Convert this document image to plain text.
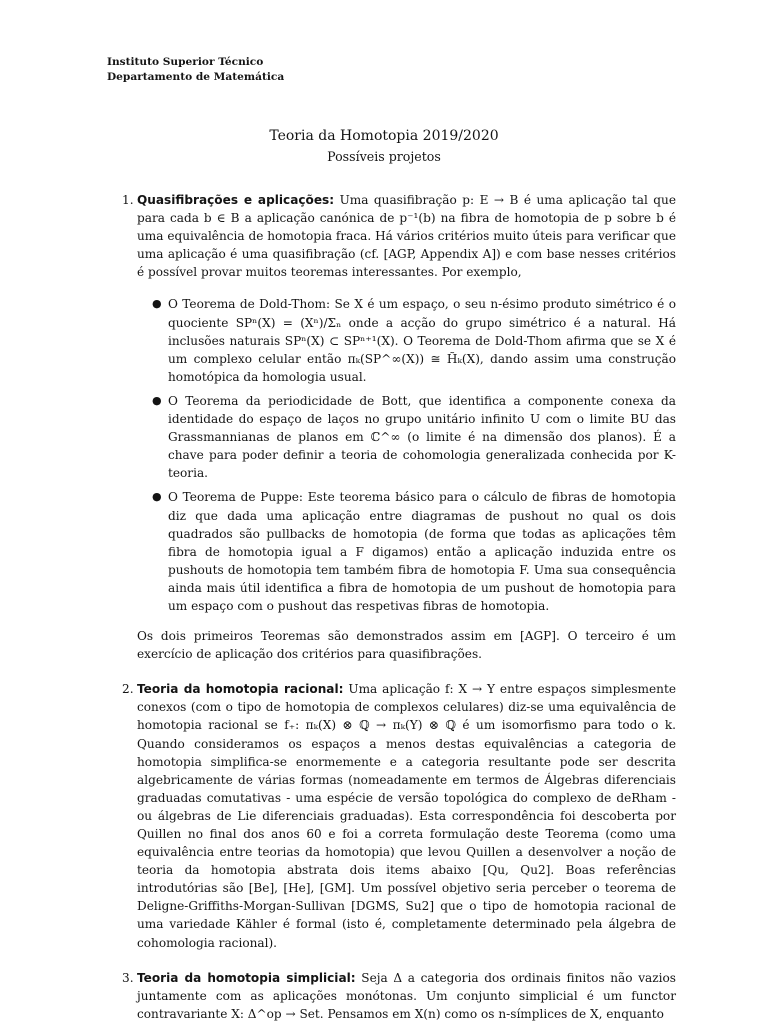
Instituto Superior Técnico
Departamento de Matemática
Teoria da Homotopia 2019/2020
Possíveis projetos
1. Quasifibrações e aplicações: Uma quasifibração p: E → B é uma aplicação tal que para cada b ∈ B a aplicação canónica de p⁻¹(b) na fibra de homotopia de p sobre b é uma equivalência de homotopia fraca. Há vários critérios muito úteis para verificar que uma aplicação é uma quasifibração (cf. [AGP, Appendix A]) e com base nesses critérios é possível provar muitos teoremas interessantes. Por exemplo,

● O Teorema de Dold-Thom: Se X é um espaço, o seu n-ésimo produto simétrico é o quociente SPⁿ(X) = (Xⁿ)/Σₙ onde a acção do grupo simétrico é a natural. Há inclusões naturais SPⁿ(X) ⊂ SPⁿ⁺¹(X). O Teorema de Dold-Thom afirma que se X é um complexo celular então πₖ(SP^∞(X)) ≅ H̃ₖ(X), dando assim uma construção homotópica da homologia usual.
● O Teorema da periodicidade de Bott, que identifica a componente conexa da identidade do espaço de laços no grupo unitário infinito U com o limite BU das Grassmannianas de planos em ℂ^∞ (o limite é na dimensão dos planos). É a chave para poder definir a teoria de cohomologia generalizada conhecida por K-teoria.
● O Teorema de Puppe: Este teorema básico para o cálculo de fibras de homotopia diz que dada uma aplicação entre diagramas de pushout no qual os dois quadrados são pullbacks de homotopia (de forma que todas as aplicações têm fibra de homotopia igual a F digamos) então a aplicação induzida entre os pushouts de homotopia tem também fibra de homotopia F. Uma sua consequência ainda mais útil identifica a fibra de homotopia de um pushout de homotopia para um espaço com o pushout das respetivas fibras de homotopia.

Os dois primeiros Teoremas são demonstrados assim em [AGP]. O terceiro é um exercício de aplicação dos critérios para quasifibrações.

2. Teoria da homotopia racional: Uma aplicação f: X → Y entre espaços simplesmente conexos (com o tipo de homotopia de complexos celulares) diz-se uma equivalência de homotopia racional se f₊: πₖ(X) ⊗ ℚ → πₖ(Y) ⊗ ℚ é um isomorfismo para todo o k. Quando consideramos os espaços a menos destas equivalências a categoria de homotopia simplifica-se enormemente e a categoria resultante pode ser descrita algebricamente de várias formas (nomeadamente em termos de Álgebras diferenciais graduadas comutativas - uma espécie de versão topológica do complexo de deRham - ou álgebras de Lie diferenciais graduadas). Esta correspondência foi descoberta por Quillen no final dos anos 60 e foi a correta formulação deste Teorema (como uma equivalência entre teorias da homotopia) que levou Quillen a desenvolver a noção de teoria da homotopia abstrata dois items abaixo [Qu, Qu2]. Boas referências introdutórias são [Be], [He], [GM]. Um possível objetivo seria perceber o teorema de Deligne-Griffiths-Morgan-Sullivan [DGMS, Su2] que o tipo de homotopia racional de uma variedade Kähler é formal (isto é, completamente determinado pela álgebra de cohomologia racional).

3. Teoria da homotopia simplicial: Seja Δ a categoria dos ordinais finitos não vazios juntamente com as aplicações monótonas. Um conjunto simplicial é um functor contravariante X: Δ^op → Set. Pensamos em X(n) como os n-símplices de X, enquanto
